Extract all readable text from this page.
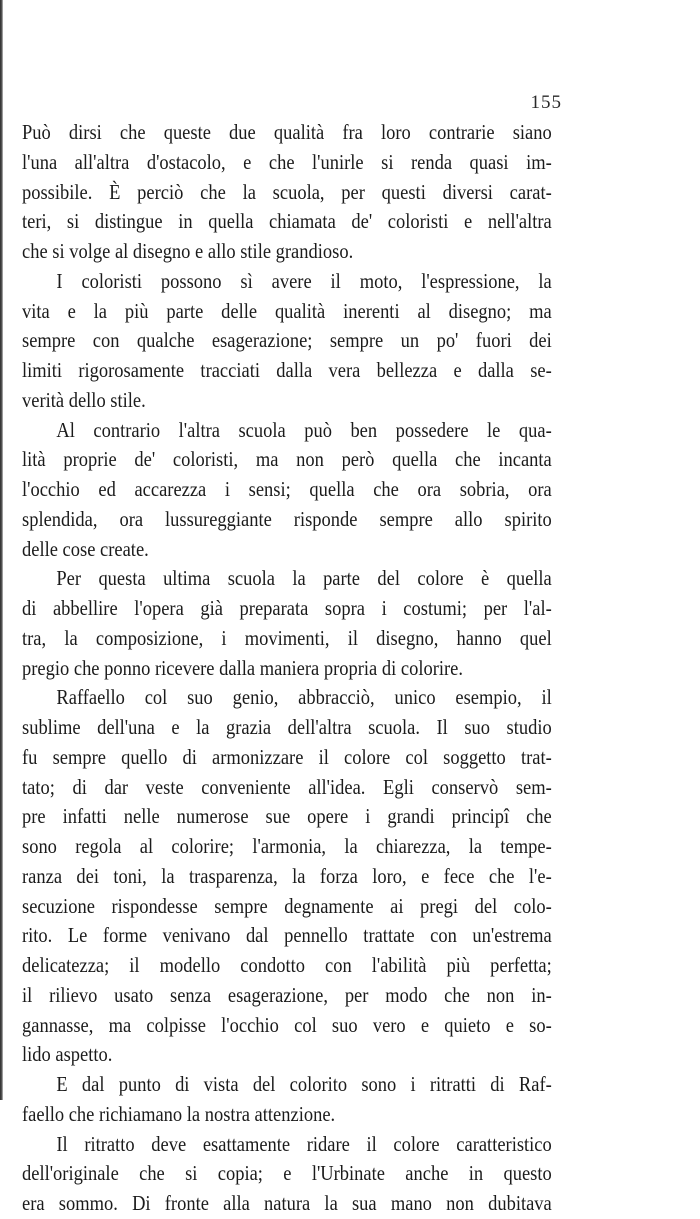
155
Può dirsi che queste due qualità fra loro contrarie siano
l'una all'altra d'ostacolo, e che l'unirle si renda quasi im-
possibile. È perciò che la scuola, per questi diversi carat-
teri, si distingue in quella chiamata de' coloristi e nell'altra
che si volge al disegno e allo stile grandioso.
I coloristi possono sì avere il moto, l'espressione, la
vita e la più parte delle qualità inerenti al disegno; ma
sempre con qualche esagerazione; sempre un po' fuori dei
limiti rigorosamente tracciati dalla vera bellezza e dalla se-
verità dello stile.
Al contrario l'altra scuola può ben possedere le qua-
lità proprie de' coloristi, ma non però quella che incanta
l'occhio ed accarezza i sensi; quella che ora sobria, ora
splendida, ora lussureggiante risponde sempre allo spirito
delle cose create.
Per questa ultima scuola la parte del colore è quella
di abbellire l'opera già preparata sopra i costumi; per l'al-
tra, la composizione, i movimenti, il disegno, hanno quel
pregio che ponno ricevere dalla maniera propria di colorire.
Raffaello col suo genio, abbracciò, unico esempio, il
sublime dell'una e la grazia dell'altra scuola. Il suo studio
fu sempre quello di armonizzare il colore col soggetto trat-
tato; di dar veste conveniente all'idea. Egli conservò sem-
pre infatti nelle numerose sue opere i grandi principî che
sono regola al colorire; l'armonia, la chiarezza, la tempe-
ranza dei toni, la trasparenza, la forza loro, e fece che l'e-
secuzione rispondesse sempre degnamente ai pregi del colo-
rito. Le forme venivano dal pennello trattate con un'estrema
delicatezza; il modello condotto con l'abilità più perfetta;
il rilievo usato senza esagerazione, per modo che non in-
gannasse, ma colpisse l'occhio col suo vero e quieto e so-
lido aspetto.
E dal punto di vista del colorito sono i ritratti di Raf-
faello che richiamano la nostra attenzione.
Il ritratto deve esattamente ridare il colore caratteristico
dell'originale che si copia; e l'Urbinate anche in questo
era sommo. Di fronte alla natura la sua mano non dubitava
